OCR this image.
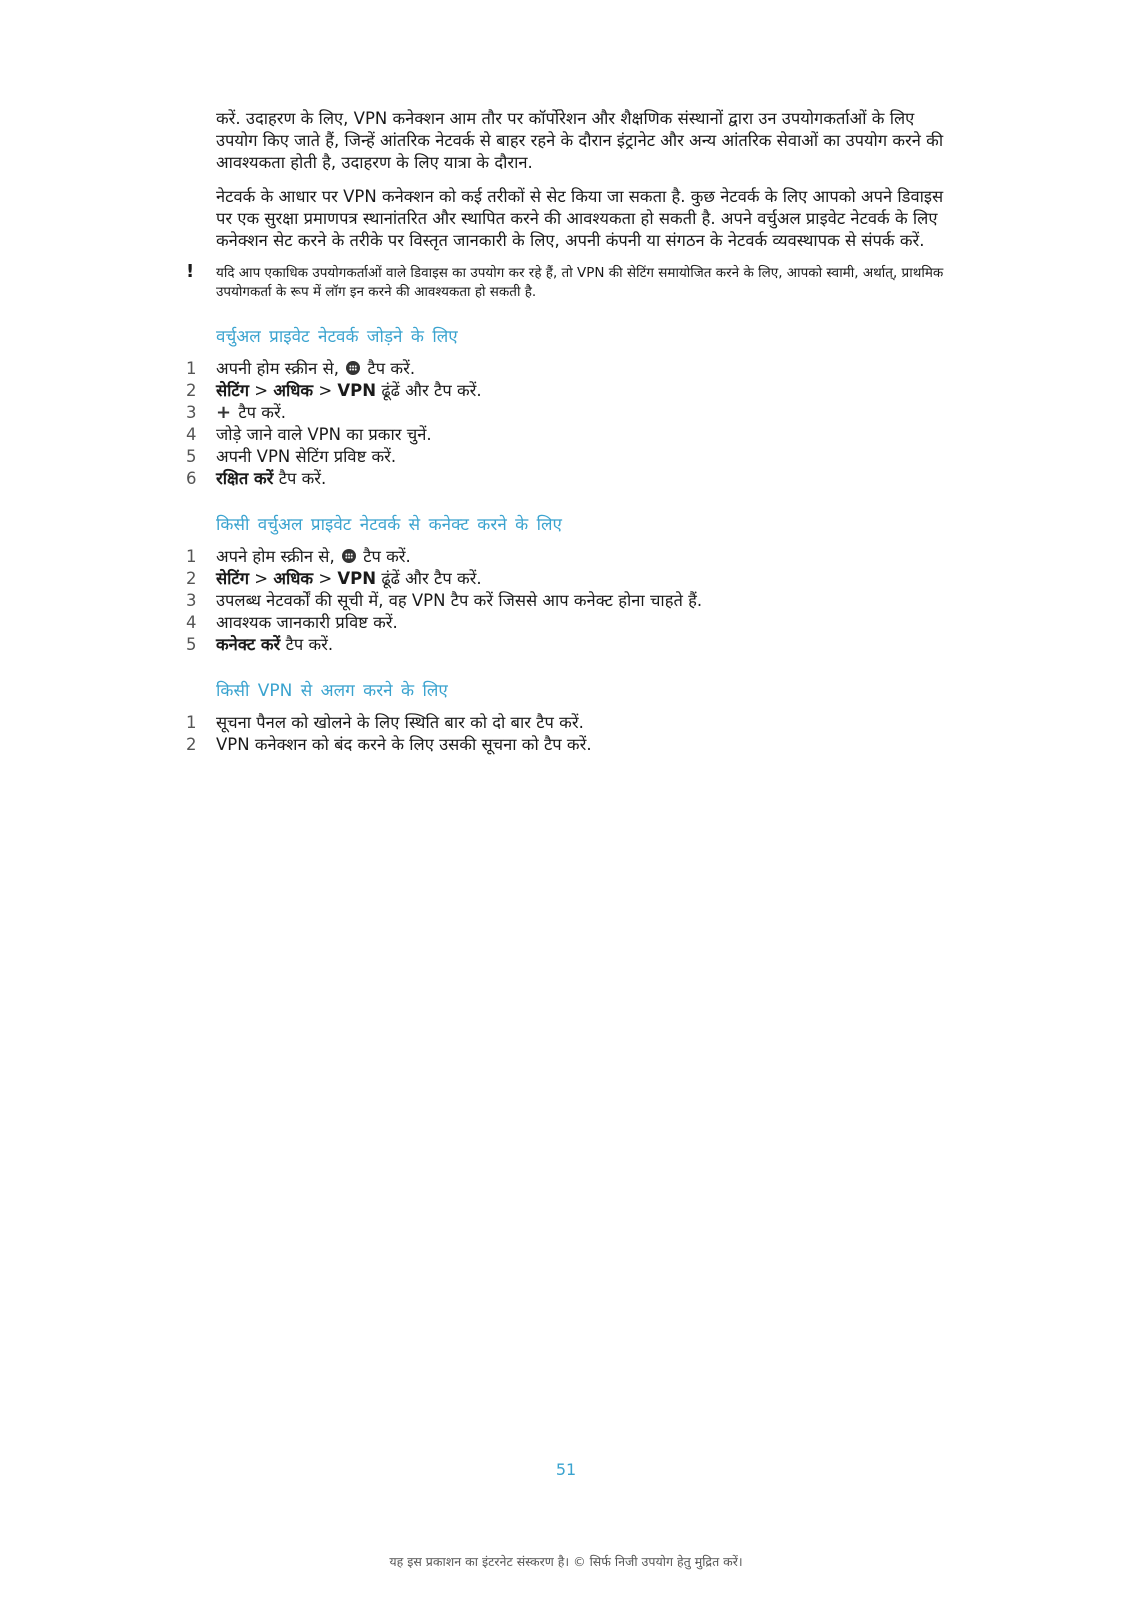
करें. उदाहरण के लिए, VPN कनेक्शन आम तौर पर कॉर्पोरेशन और शैक्षणिक संस्थानों द्वारा उन उपयोगकर्ताओं के लिए उपयोग किए जाते हैं, जिन्हें आंतरिक नेटवर्क से बाहर रहने के दौरान इंट्रानेट और अन्य आंतरिक सेवाओं का उपयोग करने की आवश्यकता होती है, उदाहरण के लिए यात्रा के दौरान.

नेटवर्क के आधार पर VPN कनेक्शन को कई तरीकों से सेट किया जा सकता है. कुछ नेटवर्क के लिए आपको अपने डिवाइस पर एक सुरक्षा प्रमाणपत्र स्थानांतरित और स्थापित करने की आवश्यकता हो सकती है. अपने वर्चुअल प्राइवेट नेटवर्क के लिए कनेक्शन सेट करने के तरीके पर विस्तृत जानकारी के लिए, अपनी कंपनी या संगठन के नेटवर्क व्यवस्थापक से संपर्क करें.

! यदि आप एकाधिक उपयोगकर्ताओं वाले डिवाइस का उपयोग कर रहे हैं, तो VPN की सेटिंग समायोजित करने के लिए, आपको स्वामी, अर्थात्, प्राथमिक उपयोगकर्ता के रूप में लॉग इन करने की आवश्यकता हो सकती है.
वर्चुअल प्राइवेट नेटवर्क जोड़ने के लिए
1 अपनी होम स्क्रीन से, टैप करें.
2 सेटिंग > अधिक > VPN ढूंढें और टैप करें.
3 + टैप करें.
4 जोड़े जाने वाले VPN का प्रकार चुनें.
5 अपनी VPN सेटिंग प्रविष्ट करें.
6 रक्षित करें टैप करें.
किसी वर्चुअल प्राइवेट नेटवर्क से कनेक्ट करने के लिए
1 अपने होम स्क्रीन से, टैप करें.
2 सेटिंग > अधिक > VPN ढूंढें और टैप करें.
3 उपलब्ध नेटवर्कों की सूची में, वह VPN टैप करें जिससे आप कनेक्ट होना चाहते हैं.
4 आवश्यक जानकारी प्रविष्ट करें.
5 कनेक्ट करें टैप करें.
किसी VPN से अलग करने के लिए
1 सूचना पैनल को खोलने के लिए स्थिति बार को दो बार टैप करें.
2 VPN कनेक्शन को बंद करने के लिए उसकी सूचना को टैप करें.
51
यह इस प्रकाशन का इंटरनेट संस्करण है। © सिर्फ निजी उपयोग हेतु मुद्रित करें।
